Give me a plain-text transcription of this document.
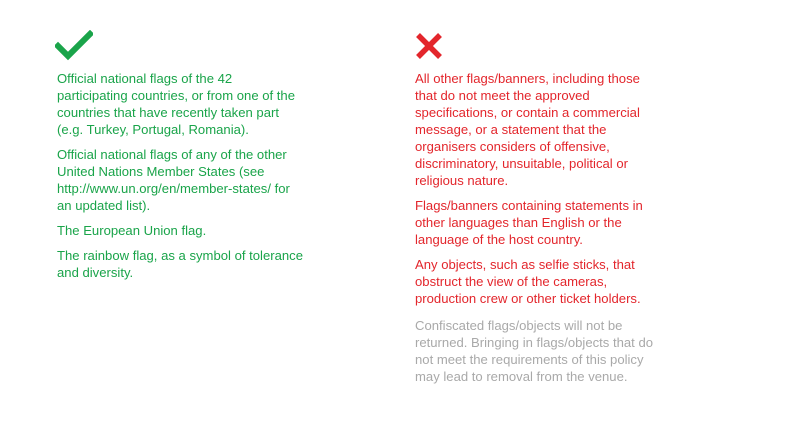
Official national flags of the 42
participating countries, or from one of the
countries that have recently taken part
(e.g. Turkey, Portugal, Romania).

Official national flags of any of the other
United Nations Member States (see
http://www.un.org/en/member-states/ for
an updated list).

The European Union flag.

The rainbow flag, as a symbol of tolerance
and diversity.

All other flags/banners, including those
that do not meet the approved
specifications, or contain a commercial
message, or a statement that the
organisers considers of offensive,
discriminatory, unsuitable, political or
religious nature.

Flags/banners containing statements in
other languages than English or the
language of the host country.

Any objects, such as selfie sticks, that
obstruct the view of the cameras,
production crew or other ticket holders.

Confiscated flags/objects will not be
returned. Bringing in flags/objects that do
not meet the requirements of this policy
may lead to removal from the venue.
